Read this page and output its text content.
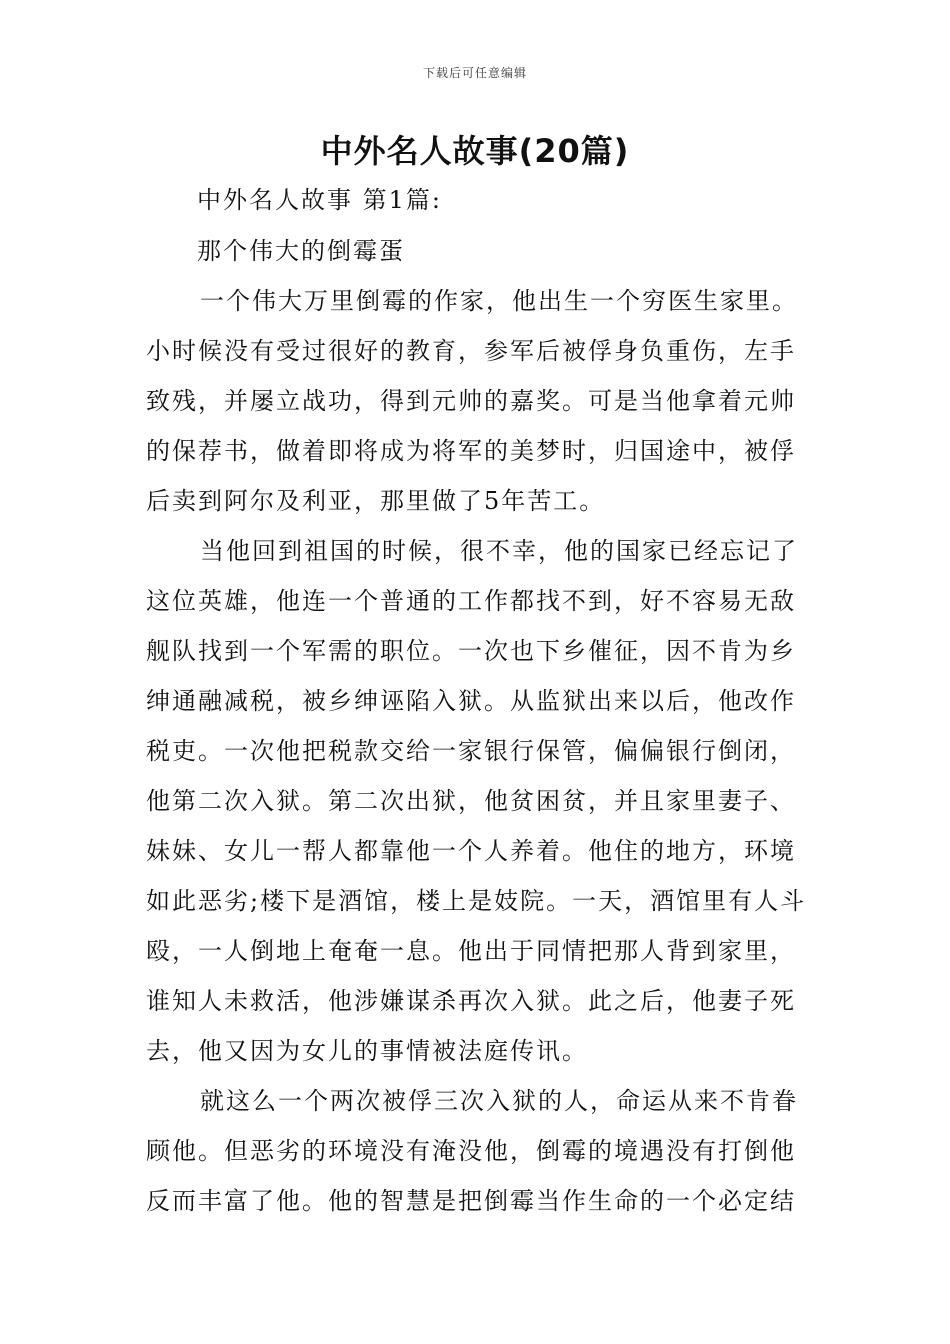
下载后可任意编辑
中外名人故事(20篇)
中外名人故事 第1篇:
那个伟大的倒霉蛋
一个伟大万里倒霉的作家，他出生一个穷医生家里。
小时候没有受过很好的教育，参军后被俘身负重伤，左手
致残，并屡立战功，得到元帅的嘉奖。可是当他拿着元帅
的保荐书，做着即将成为将军的美梦时，归国途中，被俘
后卖到阿尔及利亚，那里做了5年苦工。
当他回到祖国的时候，很不幸，他的国家已经忘记了
这位英雄，他连一个普通的工作都找不到，好不容易无敌
舰队找到一个军需的职位。一次也下乡催征，因不肯为乡
绅通融减税，被乡绅诬陷入狱。从监狱出来以后，他改作
税吏。一次他把税款交给一家银行保管，偏偏银行倒闭，
他第二次入狱。第二次出狱，他贫困贫，并且家里妻子、
妹妹、女儿一帮人都靠他一个人养着。他住的地方，环境
如此恶劣;楼下是酒馆，楼上是妓院。一天，酒馆里有人斗
殴，一人倒地上奄奄一息。他出于同情把那人背到家里，
谁知人未救活，他涉嫌谋杀再次入狱。此之后，他妻子死
去，他又因为女儿的事情被法庭传讯。
就这么一个两次被俘三次入狱的人，命运从来不肯眷
顾他。但恶劣的环境没有淹没他，倒霉的境遇没有打倒他
反而丰富了他。他的智慧是把倒霉当作生命的一个必定结
